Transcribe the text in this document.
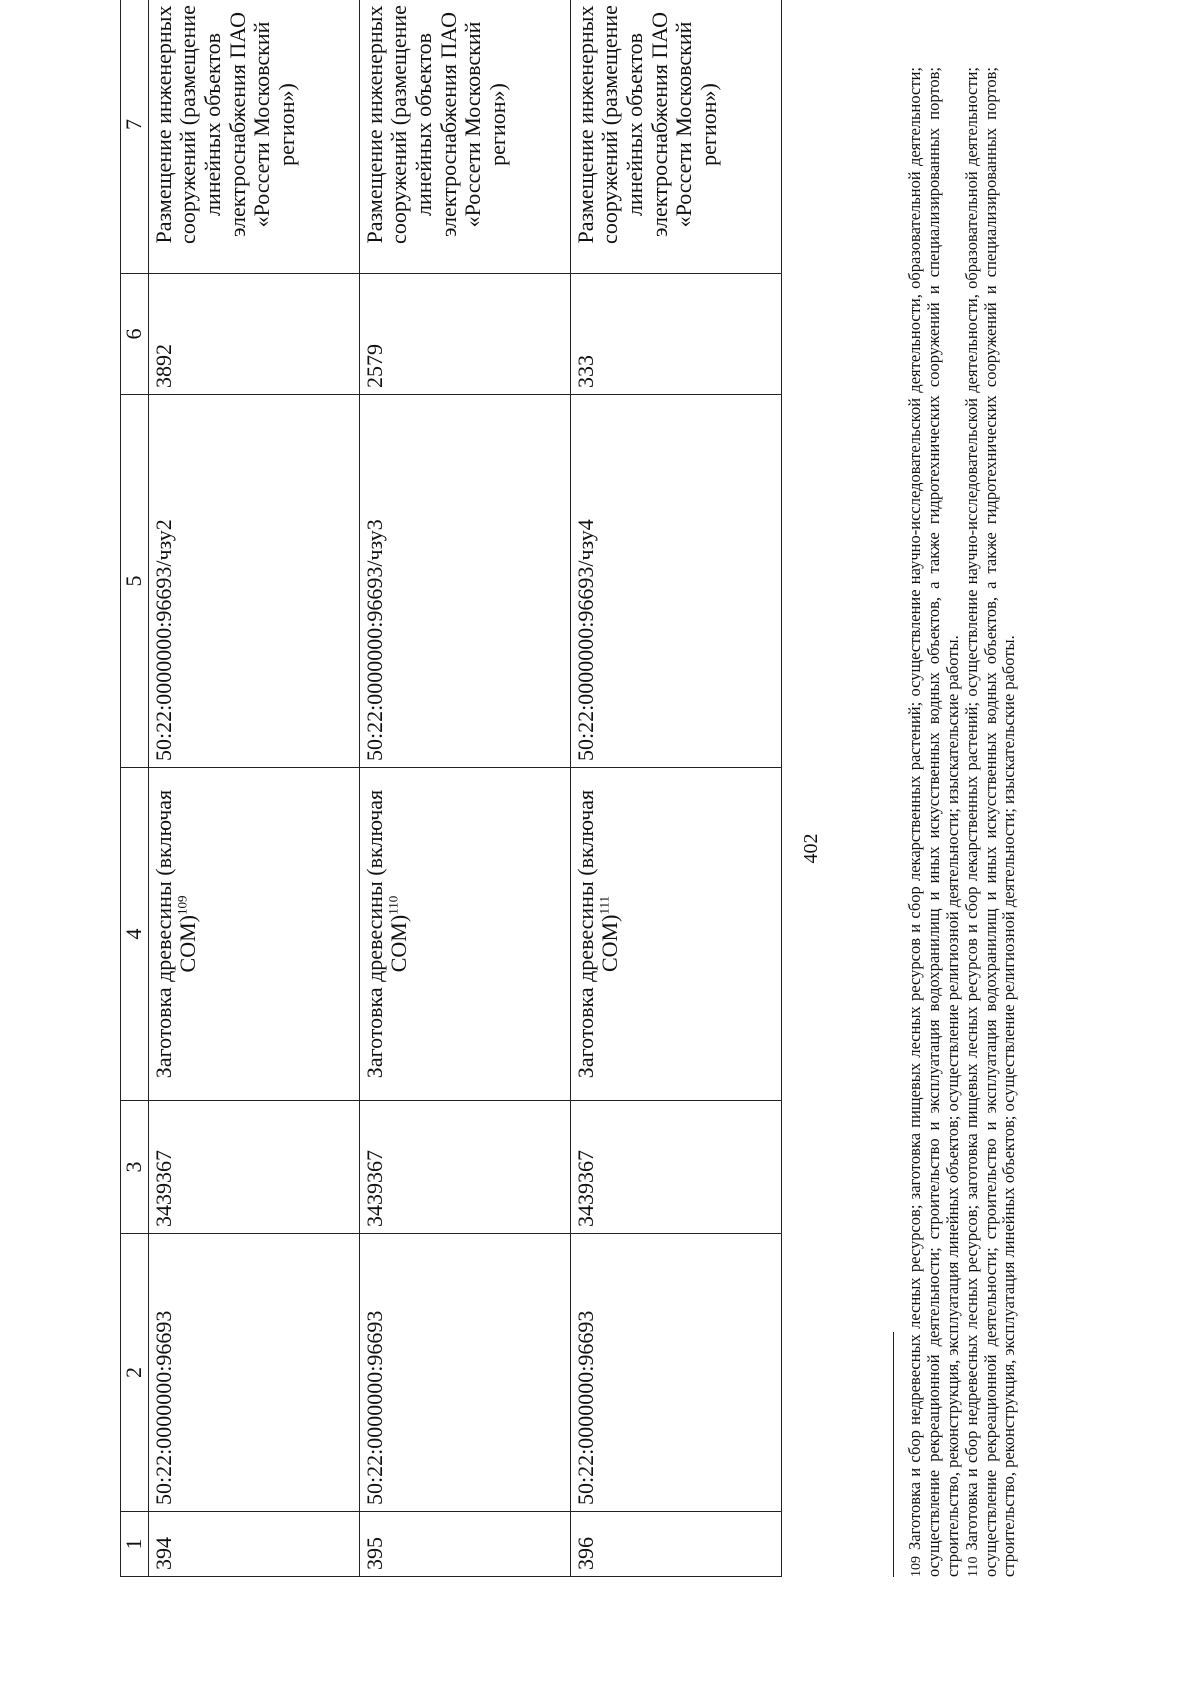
402
1	2	3	4	5	6	7
394	50:22:0000000:96693	3439367	Заготовка древесины (включая СОМ)$^{109}$	50:22:0000000:96693/чзу2	3892	Размещение инженерных сооружений (размещение линейных объектов электроснабжения ПАО «Россети Московский регион»)

395	50:22:0000000:96693	3439367	Заготовка древесины (включая СОМ)$^{110}$	50:22:0000000:96693/чзу3	2579	Размещение инженерных сооружений (размещение линейных объектов электроснабжения ПАО «Россети Московский регион»)

396	50:22:0000000:96693	3439367	Заготовка древесины (включая СОМ)$^{111}$	50:22:0000000:96693/чзу4	333	Размещение инженерных сооружений (размещение линейных объектов электроснабжения ПАО «Россети Московский регион»)

109Заготовка и сбор недревесных лесных ресурсов; заготовка пищевых лесных ресурсов и сбор лекарственных растений; осуществление научно-исследовательской деятельности, образовательной деятельности; осуществление рекреационной деятельности; строительство и эксплуатация водохранилищ и иных искусственных водных объектов, а также гидротехнических сооружений и специализированных портов; строительство, реконструкция, эксплуатация линейных объектов; осуществление религиозной деятельности; изыскательские работы. 110Заготовка и сбор недревесных лесных ресурсов; заготовка пищевых лесных ресурсов и сбор лекарственных растений; осуществление научно-исследовательской деятельности, образовательной деятельности; осуществление рекреационной деятельности; строительство и эксплуатация водохранилищ и иных искусственных водных объектов, а также гидротехнических сооружений и специализированных портов; строительство, реконструкция, эксплуатация линейных объектов; осуществление религиозной деятельности; изыскательские работы.
